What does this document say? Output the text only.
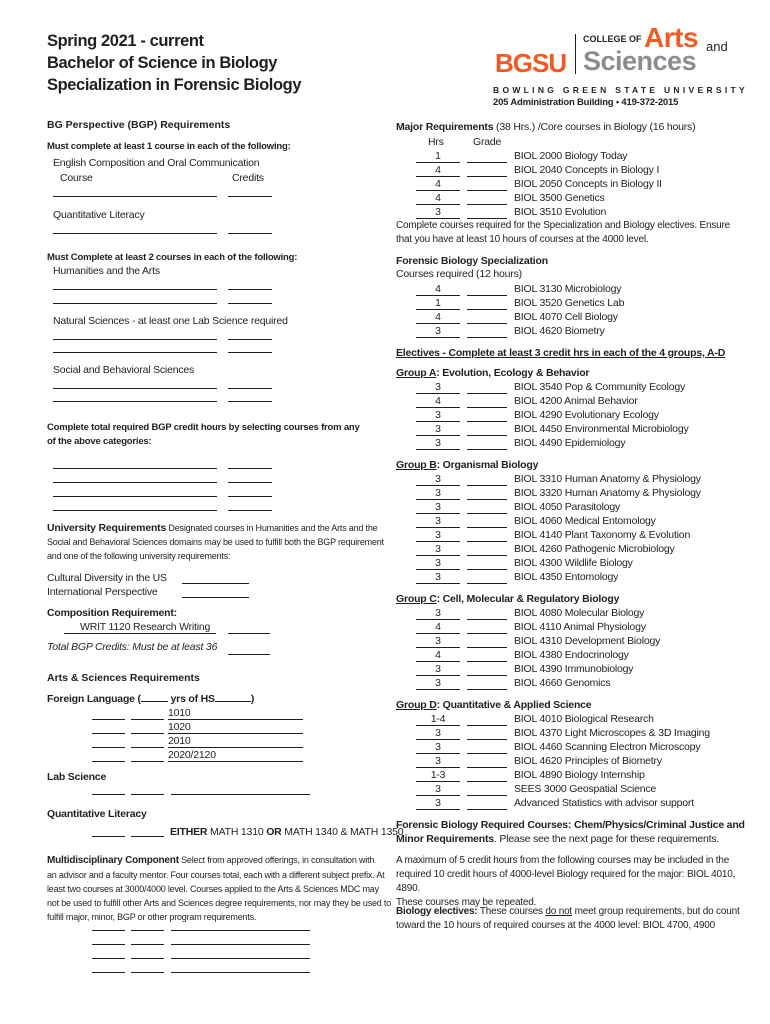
Spring 2021 - current
Bachelor of Science in Biology
Specialization in Forensic Biology
BGSU
COLLEGE OF Arts and
Sciences
BOWLING GREEN STATE UNIVERSITY
205 Administration Building • 419-372-2015
BG Perspective (BGP) Requirements
Must complete at least 1 course in each of the following:
English Composition and Oral Communication
Course	Credits
Quantitative Literacy
Must Complete at least 2 courses in each of the following:
Humanities and the Arts
Natural Sciences - at least one Lab Science required
Social and Behavioral Sciences
Complete total required BGP credit hours by selecting courses from any
of the above categories:
University Requirements Designated courses in Humanities and the Arts and the
Social and Behavioral Sciences domains may be used to fulfill both the BGP requirement
and one of the following university requirements:
Cultural Diversity in the US
International Perspective
Composition Requirement:
WRIT 1120 Research Writing
Total BGP Credits: Must be at least 36
Arts & Sciences Requirements
Foreign Language (	yrs of HS	)
1010
1020
2010
2020/2120
Lab Science
Quantitative Literacy
EITHER MATH 1310 OR MATH 1340 & MATH 1350
Multidisciplinary Component Select from approved offerings, in consultation with
an advisor and a faculty mentor. Four courses total, each with a different subject prefix. At
least two courses at 3000/4000 level. Courses applied to the Arts & Sciences MDC may
not be used to fulfill other Arts and Sciences degree requirements, nor may they be used to
fulfill major, minor, BGP or other program requirements.
Major Requirements (38 Hrs.) /Core courses in Biology (16 hours)
Hrs	Grade
1	BIOL 2000 Biology Today
4	BIOL 2040 Concepts in Biology I
4	BIOL 2050 Concepts in Biology II
4	BIOL 3500 Genetics
3	BIOL 3510 Evolution
Complete courses required for the Specialization and Biology electives. Ensure
that you have at least 10 hours of courses at the 4000 level.
Forensic Biology Specialization
Courses required (12 hours)
4	BIOL 3130 Microbiology
1	BIOL 3520 Genetics Lab
4	BIOL 4070 Cell Biology
3	BIOL 4620 Biometry
Electives - Complete at least 3 credit hrs in each of the 4 groups, A-D
Group A: Evolution, Ecology & Behavior
3	BIOL 3540 Pop & Community Ecology
4	BIOL 4200 Animal Behavior
3	BIOL 4290 Evolutionary Ecology
3	BIOL 4450 Environmental Microbiology
3	BIOL 4490 Epidemiology
Group B: Organismal Biology
3	BIOL 3310 Human Anatomy & Physiology
3	BIOL 3320 Human Anatomy & Physiology
3	BIOL 4050 Parasitology
3	BIOL 4060 Medical Entomology
3	BIOL 4140 Plant Taxonomy & Evolution
3	BIOL 4260 Pathogenic Microbiology
3	BIOL 4300 Wildlife Biology
3	BIOL 4350 Entomology
Group C: Cell, Molecular & Regulatory Biology
3	BIOL 4080 Molecular Biology
4	BIOL 4110 Animal Physiology
3	BIOL 4310 Development Biology
4	BIOL 4380 Endocrinology
3	BIOL 4390 Immunobiology
3	BIOL 4660 Genomics
Group D: Quantitative & Applied Science
1-4	BIOL 4010 Biological Research
3	BIOL 4370 Light Microscopes & 3D Imaging
3	BIOL 4460 Scanning Electron Microscopy
3	BIOL 4620 Principles of Biometry
1-3	BIOL 4890 Biology Internship
3	SEES 3000 Geospatial Science
3	Advanced Statistics with advisor support
Forensic Biology Required Courses: Chem/Physics/Criminal Justice and
Minor Requirements. Please see the next page for these requirements.
A maximum of 5 credit hours from the following courses may be included in the
required 10 credit hours of 4000-level Biology required for the major: BIOL 4010, 4890.
These courses may be repeated.
Biology electives: These courses do not meet group requirements, but do count
toward the 10 hours of required courses at the 4000 level: BIOL 4700, 4900
